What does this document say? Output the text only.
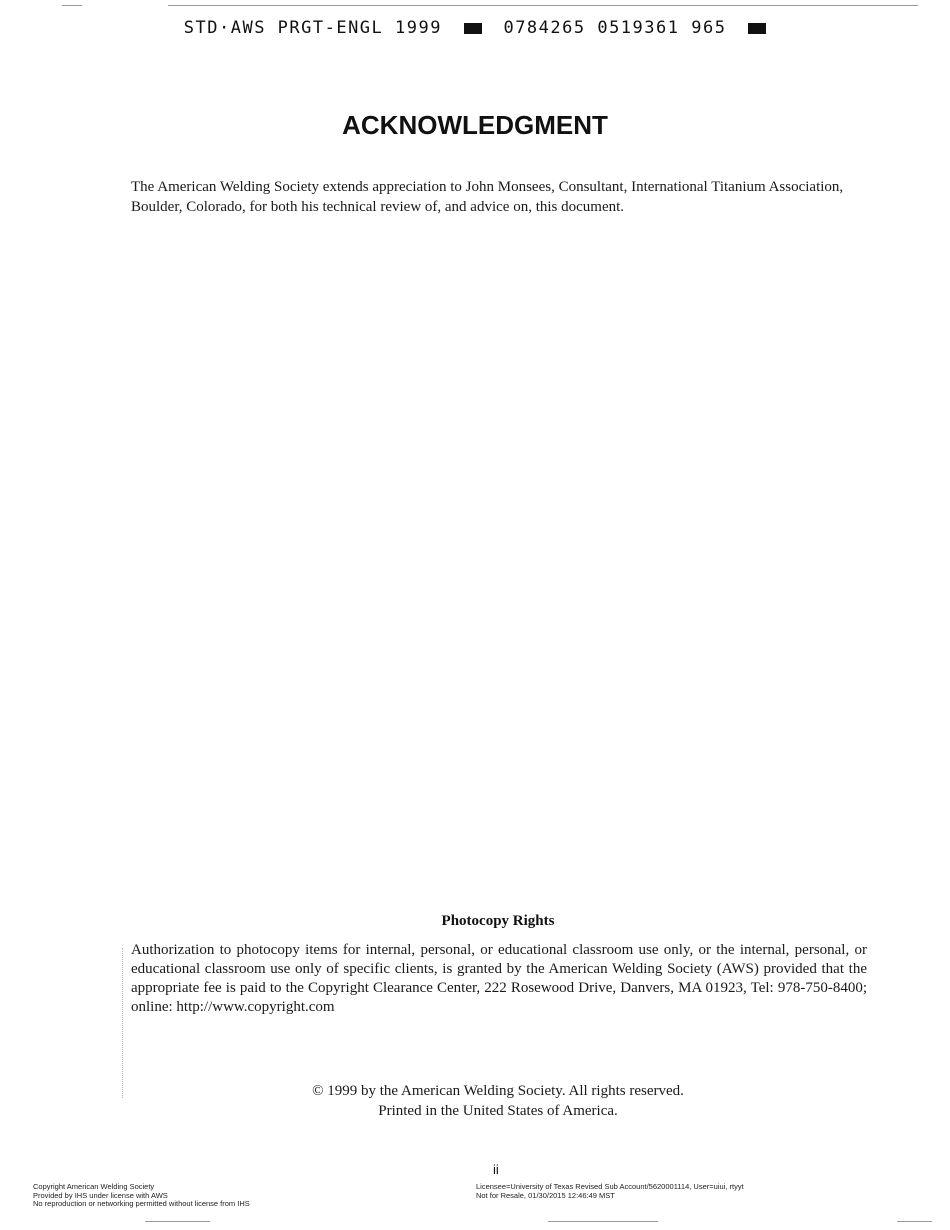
STD·AWS PRGT-ENGL 1999	0784265 0519361 965
ACKNOWLEDGMENT
The American Welding Society extends appreciation to John Monsees, Consultant, International Titanium Association, Boulder, Colorado, for both his technical review of, and advice on, this document.
Photocopy Rights
Authorization to photocopy items for internal, personal, or educational classroom use only, or the internal, personal, or educational classroom use only of specific clients, is granted by the American Welding Society (AWS) provided that the appropriate fee is paid to the Copyright Clearance Center, 222 Rosewood Drive, Danvers, MA 01923, Tel: 978-750-8400; online: http://www.copyright.com
© 1999 by the American Welding Society. All rights reserved.
Printed in the United States of America.
ii
Copyright American Welding Society
Provided by IHS under license with AWS
No reproduction or networking permitted without license from IHS
Licensee=University of Texas Revised Sub Account/5620001114, User=uiui, rtyyt
Not for Resale, 01/30/2015 12:46:49 MST
